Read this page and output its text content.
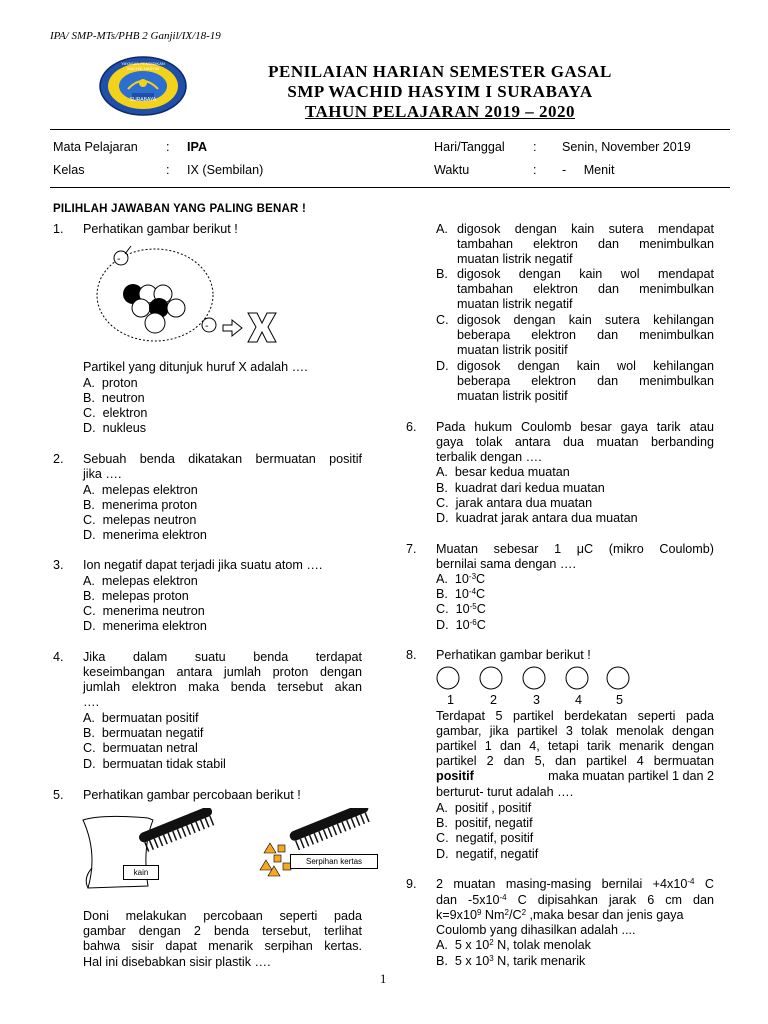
IPA/ SMP-MTs/PHB 2 Ganjil/IX/18-19
YAYASAN PENDIDIKAN WACHID HASYIM
SURABAYA
PENILAIAN HARIAN SEMESTER GASAL
SMP WACHID HASYIM I SURABAYA
TAHUN PELAJARAN 2019 – 2020
Mata Pelajaran : IPA	Hari/Tanggal : Senin, November 2019
Kelas	: IX (Sembilan)	Waktu	: -     Menit
PILIHLAH JAWABAN YANG PALING BENAR !
1. Perhatikan gambar berikut !
-
-
Partikel yang ditunjuk huruf X adalah ….
A.  proton
B.  neutron
C.  elektron
D.  nukleus
2. Sebuah benda dikatakan bermuatan positif
jika ….
A.  melepas elektron
B.  menerima proton
C.  melepas neutron
D.  menerima elektron
3. Ion negatif dapat terjadi jika suatu atom ….
A.  melepas elektron
B.  melepas proton
C.  menerima neutron
D.  menerima elektron
4. Jika dalam suatu benda terdapat
keseimbangan antara jumlah proton dengan
jumlah elektron maka benda tersebut akan
….
A.  bermuatan positif
B.  bermuatan negatif
C.  bermuatan netral
D.  bermuatan tidak stabil
5. Perhatikan gambar percobaan berikut !
kain
Serpihan kertas
Doni melakukan percobaan seperti pada
gambar dengan 2 benda tersebut, terlihat
bahwa sisir dapat menarik serpihan kertas.
Hal ini disebabkan sisir plastik ….
A. digosok dengan kain sutera mendapat
tambahan elektron dan menimbulkan
muatan listrik negatif
B. digosok dengan kain wol mendapat
tambahan elektron dan menimbulkan
muatan listrik negatif
C. digosok dengan kain sutera kehilangan
beberapa elektron dan menimbulkan
muatan listrik positif
D. digosok dengan kain wol kehilangan
beberapa elektron dan menimbulkan
muatan listrik positif
6. Pada hukum Coulomb besar gaya tarik atau
gaya tolak antara dua muatan berbanding
terbalik dengan ….
A.  besar kedua muatan
B.  kuadrat dari kedua muatan
C.  jarak antara dua muatan
D.  kuadrat jarak antara dua muatan
7. Muatan sebesar 1 μC (mikro Coulomb)
bernilai sama dengan ….
A. $10^{-3}C$
B. $10^{-4}C$
C. $10^{-5}C$
D. $10^{-6}C$
8. Perhatikan gambar berikut !
1	2	3	4	5
Terdapat 5 partikel berdekatan seperti pada
gambar, jika partikel 3 tolak menolak dengan
partikel 1 dan 4, tetapi tarik menarik dengan
partikel 2 dan 5, dan partikel 4 bermuatan
positif	maka muatan partikel 1 dan 2
berturut- turut adalah ….
A.  positif , positif
B.  positif, negatif
C.  negatif, positif
D.  negatif, negatif
9. 2 muatan masing-masing bernilai $+4x10^{-4}$ C
dan $-5x10^{-4}$ C dipisahkan jarak 6 cm dan
$k=9x10^9$ $Nm^2/C^2$ ,maka besar dan jenis gaya
Coulomb yang dihasilkan adalah ....
A.  5 x $10^2$ N, tolak menolak
B.  5 x $10^3$ N, tarik menarik
1
